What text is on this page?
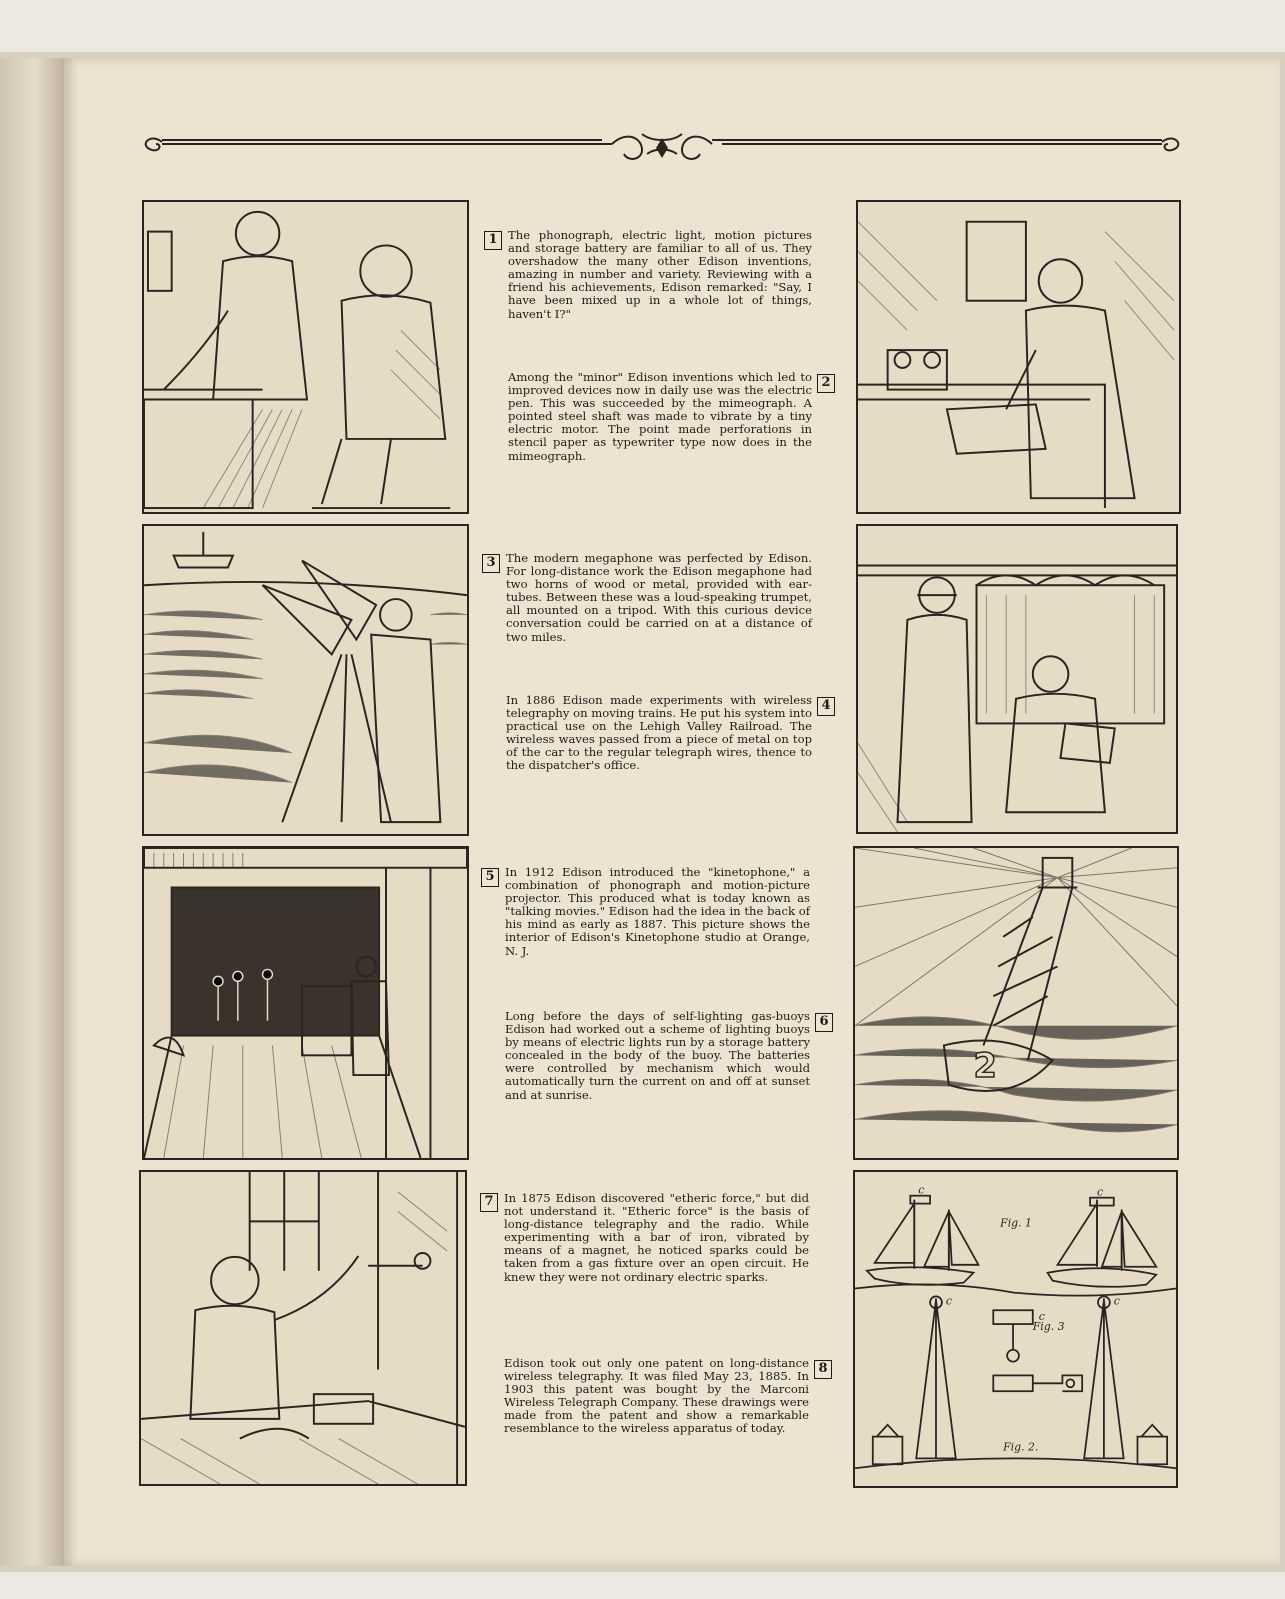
2
Fig. 1
Fig. 3
Fig. 2.
c	c
c	c
c
1 The phonograph, electric light, motion pictures and storage battery are familiar to all of us. They overshadow the many other Edison inventions, amazing in number and variety. Reviewing with a friend his achievements, Edison remarked: "Say, I have been mixed up in a whole lot of things, haven't I?"

Among the "minor" Edison inventions which led to improved devices now in daily use was the electric pen. This was succeeded by the mimeograph. A pointed steel shaft was made to vibrate by a tiny electric motor. The point made perforations in stencil paper as typewriter type now does in the mimeograph.

2
3 The modern megaphone was perfected by Edison. For long-distance work the Edison megaphone had two horns of wood or metal, provided with ear-tubes. Between these was a loud-speaking trumpet, all mounted on a tripod. With this curious device conversation could be carried on at a distance of two miles.

In 1886 Edison made experiments with wireless telegraphy on moving trains. He put his system into practical use on the Lehigh Valley Railroad. The wireless waves passed from a piece of metal on top of the car to the regular telegraph wires, thence to the dispatcher's office.

4
5 In 1912 Edison introduced the "kinetophone," a combination of phonograph and motion-picture projector. This produced what is today known as "talking movies." Edison had the idea in the back of his mind as early as 1887. This picture shows the interior of Edison's Kinetophone studio at Orange, N. J.

Long before the days of self-lighting gas-buoys Edison had worked out a scheme of lighting buoys by means of electric lights run by a storage battery concealed in the body of the buoy. The batteries were controlled by mechanism which would automatically turn the current on and off at sunset and at sunrise.

6
7 In 1875 Edison discovered "etheric force," but did not understand it. "Etheric force" is the basis of long-distance telegraphy and the radio. While experimenting with a bar of iron, vibrated by means of a magnet, he noticed sparks could be taken from a gas fixture over an open circuit. He knew they were not ordinary electric sparks.

Edison took out only one patent on long-distance wireless telegraphy. It was filed May 23, 1885. In 1903 this patent was bought by the Marconi Wireless Telegraph Company. These drawings were made from the patent and show a remarkable resemblance to the wireless apparatus of today.

8
